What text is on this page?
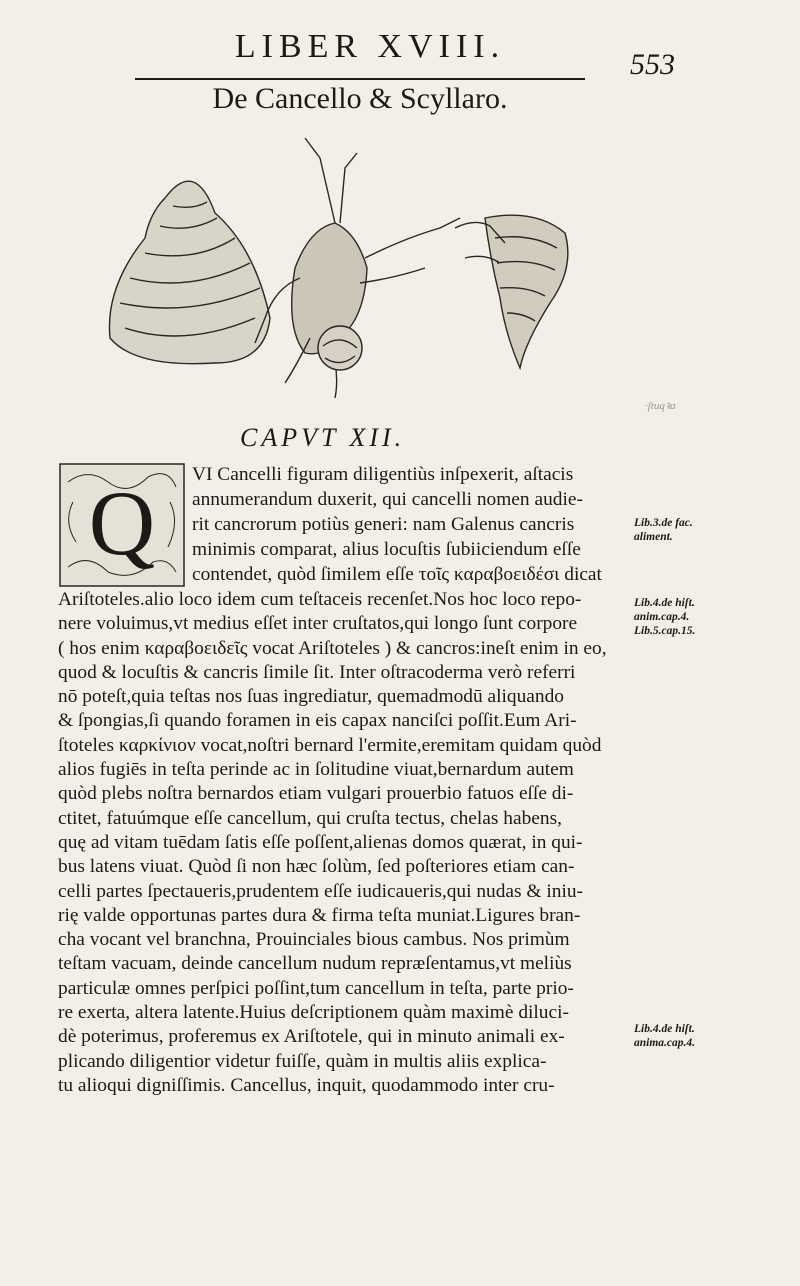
LIBER XVIII.	553
De Cancello & Scyllaro.
·ſtuqꝛa
CAPVT XII.
Q VI Cancelli figuram diligentiùs inſpexerit, aſtacis
annumerandum duxerit, qui cancelli nomen audie-
rit cancrorum potiùs generi: nam Galenus cancris
minimis comparat, alius locuſtis ſubiiciendum eſſe
contendet, quòd ſimilem eſſe τοῖς καραβοειδέσι dicat
Ariſtoteles.alio loco idem cum teſtaceis recenſet.Nos hoc loco repo-
nere voluimus,vt medius eſſet inter cruſtatos,qui longo ſunt corpore
( hos enim καραβοειδεῖς vocat Ariſtoteles ) & cancros:ineſt enim in eo,
quod & locuſtis & cancris ſimile ſit. Inter oſtracoderma verò referri
nō poteſt,quia teſtas nos ſuas ingrediatur, quemadmodū aliquando
& ſpongias,ſi quando foramen in eis capax nanciſci poſſit.Eum Ari-
ſtoteles καρκίνιον vocat,noſtri bernard l'ermite,eremitam quidam quòd
alios fugiēs in teſta perinde ac in ſolitudine viuat,bernardum autem
quòd plebs noſtra bernardos etiam vulgari prouerbio fatuos eſſe di-
ctitet, fatuúmque eſſe cancellum, qui cruſta tectus, chelas habens,
quę ad vitam tuēdam ſatis eſſe poſſent,alienas domos quærat, in qui-
bus latens viuat. Quòd ſi non hæc ſolùm, ſed poſteriores etiam can-
celli partes ſpectaueris,prudentem eſſe iudicaueris,qui nudas & iniu-
rię valde opportunas partes dura & firma teſta muniat.Ligures bran-
cha vocant vel branchna, Prouinciales bious cambus. Nos primùm
teſtam vacuam, deinde cancellum nudum repræſentamus,vt meliùs
particulæ omnes perſpici poſſint,tum cancellum in teſta, parte prio-
re exerta, altera latente.Huius deſcriptionem quàm maximè diluci-
dè poterimus, proferemus ex Ariſtotele, qui in minuto animali ex-
plicando diligentior videtur fuiſſe, quàm in multis aliis explica-
tu alioqui digniſſimis. Cancellus, inquit, quodammodo inter cru-
Lib.3.de fac.
aliment.
Lib.4.de hiſt.
anim.cap.4.
Lib.5.cap.15.
Lib.4.de hiſt.
anima.cap.4.
